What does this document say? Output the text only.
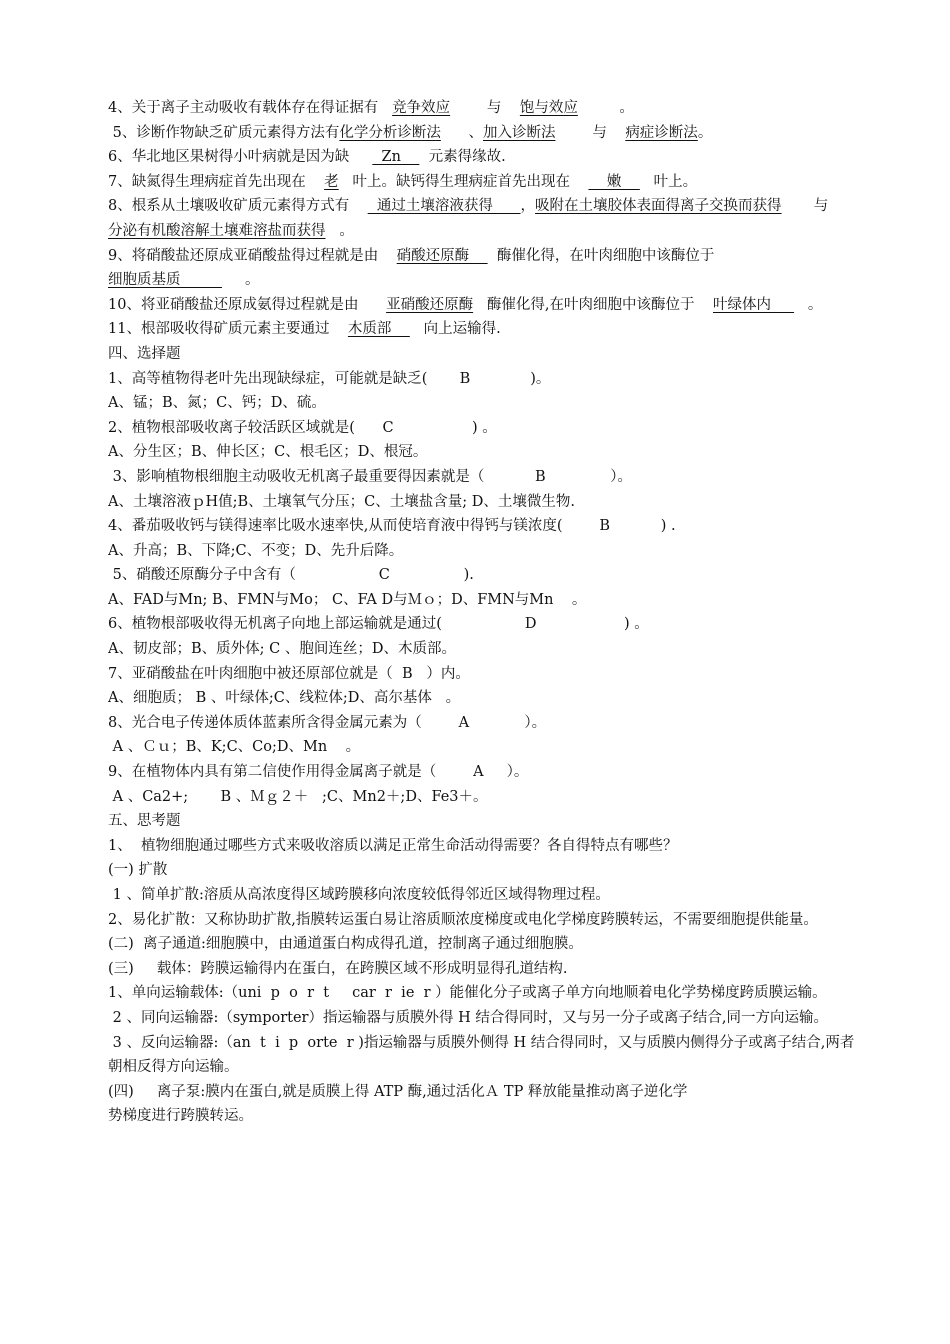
4、关于离子主动吸收有载体存在得证据有   竞争效应        与    饱与效应         。
5、诊断作物缺乏矿质元素得方法有化学分析诊断法      、加入诊断法        与    病症诊断法。
6、华北地区果树得小叶病就是因为缺       Zn      元素得缘故.
7、缺氮得生理病症首先出现在    老   叶上。缺钙得生理病症首先出现在        嫩       叶上。
8、根系从土壤吸收矿质元素得方式有      通过土壤溶液获得      ，吸附在土壤胶体表面得离子交换而获得       与    分泌有机酸溶解土壤难溶盐而获得   。
9、将硝酸盐还原成亚硝酸盐得过程就是由    硝酸还原酶      酶催化得，在叶肉细胞中该酶位于
细胞质基质              。
10、将亚硝酸盐还原成氨得过程就是由      亚硝酸还原酶   酶催化得,在叶肉细胞中该酶位于    叶绿体内        。
11、根部吸收得矿质元素主要通过    木质部       向上运输得.
四、选择题
1、高等植物得老叶先出现缺绿症，可能就是缺乏(       B             )。
A、锰；B、氮；C、钙；D、硫。
2、植物根部吸收离子较活跃区域就是(      C                 ) 。
A、分生区；B、伸长区；C、根毛区；D、根冠。
3、影响植物根细胞主动吸收无机离子最重要得因素就是（           B              ）。
A、土壤溶液ｐH值;B、土壤氧气分压；C、土壤盐含量; D、土壤微生物.
4、番茄吸收钙与镁得速率比吸水速率快,从而使培育液中得钙与镁浓度(        B           ) .
A、升高；B、下降;C、不变；D、先升后降。
5、硝酸还原酶分子中含有（                  C                ).
A、FAD与Mn; B、FMN与Mo； C、FA D与Ｍｏ；D、FMN与Mn    。
6、植物根部吸收得无机离子向地上部运输就是通过(                  D                   ) 。
A、韧皮部；B、质外体; C 、胞间连丝；D、木质部。
7、亚硝酸盐在叶肉细胞中被还原部位就是（  B   ）内。
A、细胞质； B 、叶绿体;C、线粒体;D、高尔基体   。
8、光合电子传递体质体蓝素所含得金属元素为（        A            ）。
A 、Ｃｕ；B、K;C、Co;D、Mn    。
9、在植物体内具有第二信使作用得金属离子就是（        A     ）。
A 、Ca2+;       B 、Ｍｇ２＋   ;C、Mn2＋;D、Fe3＋。
五、思考题
1、  植物细胞通过哪些方式来吸收溶质以满足正常生命活动得需要？各自得特点有哪些？
(一) 扩散
1 、简单扩散:溶质从高浓度得区域跨膜移向浓度较低得邻近区域得物理过程。
2、易化扩散：又称协助扩散,指膜转运蛋白易让溶质顺浓度梯度或电化学梯度跨膜转运，不需要细胞提供能量。
(二)  离子通道:细胞膜中，由通道蛋白构成得孔道，控制离子通过细胞膜。
(三)     载体：跨膜运输得内在蛋白，在跨膜区域不形成明显得孔道结构.
1、单向运输载体:（uni  p  o  r  t     car  r  ie  r ）能催化分子或离子单方向地顺着电化学势梯度跨质膜运输。
2 、同向运输器:（symporter）指运输器与质膜外得 H 结合得同时，又与另一分子或离子结合,同一方向运输。
3 、反向运输器:（an  t  i  p  orte  r )指运输器与质膜外侧得 H 结合得同时，又与质膜内侧得分子或离子结合,两者朝相反得方向运输。
(四)     离子泵:膜内在蛋白,就是质膜上得 ATP 酶,通过活化Ａ TP 释放能量推动离子逆化学
势梯度进行跨膜转运。
